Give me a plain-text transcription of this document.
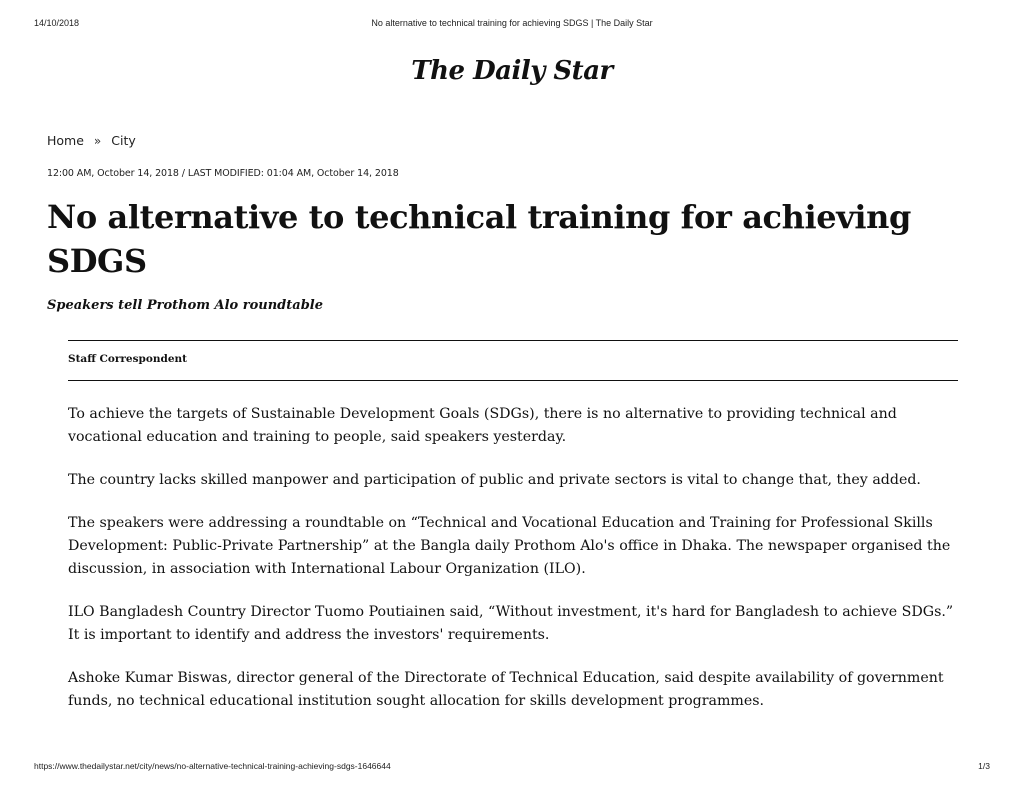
14/10/2018	No alternative to technical training for achieving SDGS | The Daily Star
The Daily Star
Home » City
12:00 AM, October 14, 2018 / LAST MODIFIED: 01:04 AM, October 14, 2018
No alternative to technical training for achieving SDGS
Speakers tell Prothom Alo roundtable
Staff Correspondent

To achieve the targets of Sustainable Development Goals (SDGs), there is no alternative to providing technical and vocational education and training to people, said speakers yesterday.

The country lacks skilled manpower and participation of public and private sectors is vital to change that, they added.

The speakers were addressing a roundtable on “Technical and Vocational Education and Training for Professional Skills Development: Public-Private Partnership” at the Bangla daily Prothom Alo's office in Dhaka. The newspaper organised the discussion, in association with International Labour Organization (ILO).

ILO Bangladesh Country Director Tuomo Poutiainen said, “Without investment, it's hard for Bangladesh to achieve SDGs.” It is important to identify and address the investors' requirements.

Ashoke Kumar Biswas, director general of the Directorate of Technical Education, said despite availability of government funds, no technical educational institution sought allocation for skills development programmes.

https://www.thedailystar.net/city/news/no-alternative-technical-training-achieving-sdgs-1646644	1/3
